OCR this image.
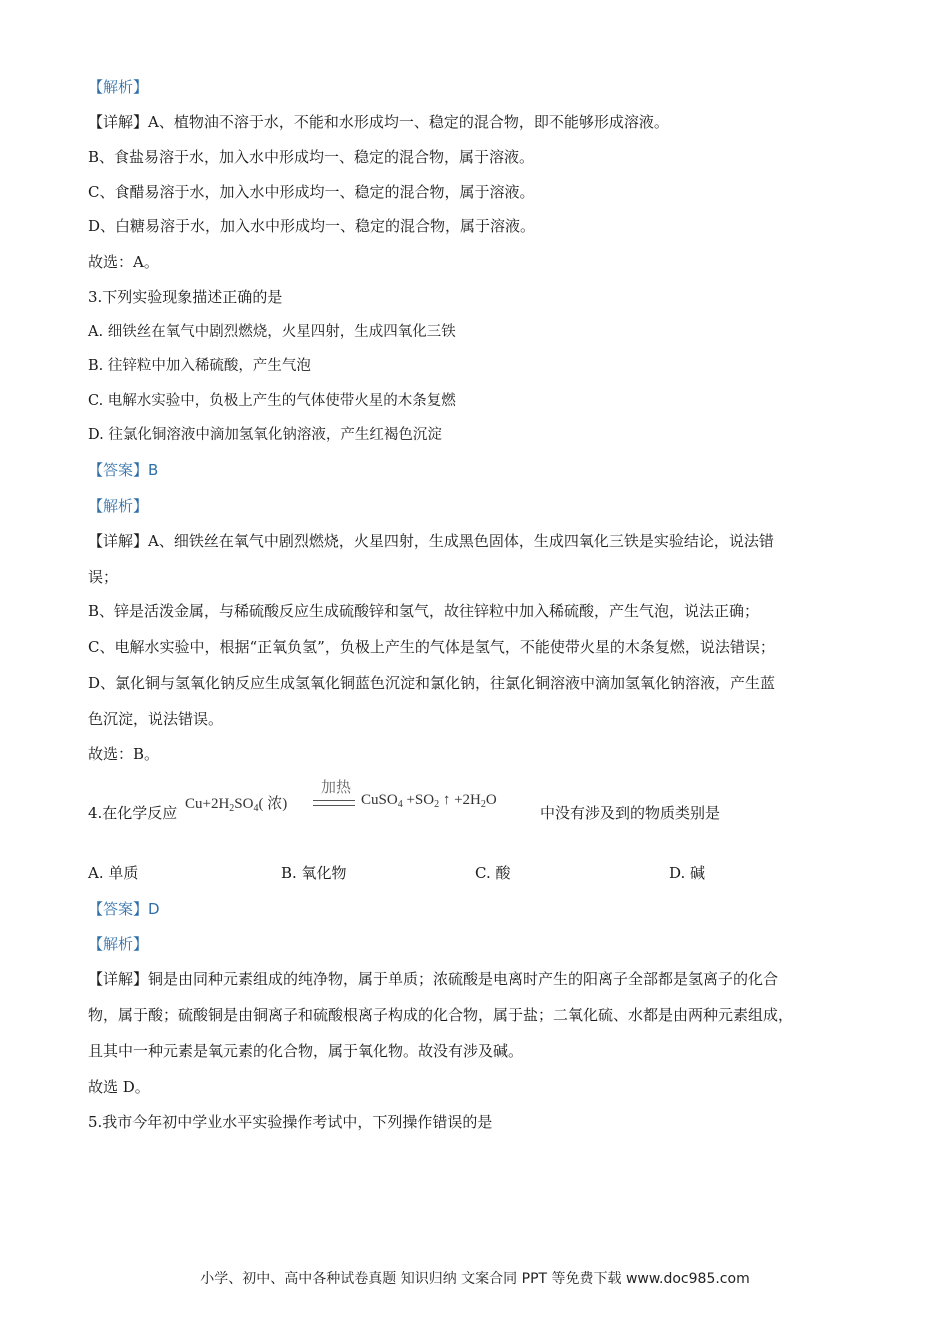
【解析】
【详解】A、植物油不溶于水，不能和水形成均一、稳定的混合物，即不能够形成溶液。
B、食盐易溶于水，加入水中形成均一、稳定的混合物，属于溶液。
C、食醋易溶于水，加入水中形成均一、稳定的混合物，属于溶液。
D、白糖易溶于水，加入水中形成均一、稳定的混合物，属于溶液。
故选：A。
3.下列实验现象描述正确的是
A. 细铁丝在氧气中剧烈燃烧，火星四射，生成四氧化三铁
B. 往锌粒中加入稀硫酸，产生气泡
C. 电解水实验中，负极上产生的气体使带火星的木条复燃
D. 往氯化铜溶液中滴加氢氧化钠溶液，产生红褐色沉淀
【答案】B
【解析】
【详解】A、细铁丝在氧气中剧烈燃烧，火星四射，生成黑色固体，生成四氧化三铁是实验结论，说法错
误；
B、锌是活泼金属，与稀硫酸反应生成硫酸锌和氢气，故往锌粒中加入稀硫酸，产生气泡，说法正确；
C、电解水实验中，根据“正氧负氢”，负极上产生的气体是氢气，不能使带火星的木条复燃，说法错误；
D、氯化铜与氢氧化钠反应生成氢氧化铜蓝色沉淀和氯化钠，往氯化铜溶液中滴加氢氧化钠溶液，产生蓝
色沉淀，说法错误。
故选：B。
4.在化学反应 $Cu+2H_2SO_4$( 浓)
加热
CuSO$_4$ $+SO_2$ ↑ $+2H_2O$
中没有涉及到的物质类别是
A. 单质	B. 氧化物	C. 酸	D. 碱
【答案】D
【解析】
【详解】铜是由同种元素组成的纯净物，属于单质；浓硫酸是电离时产生的阳离子全部都是氢离子的化合
物，属于酸；硫酸铜是由铜离子和硫酸根离子构成的化合物，属于盐；二氧化硫、水都是由两种元素组成，
且其中一种元素是氧元素的化合物，属于氧化物。故没有涉及碱。
故选 D。
5.我市今年初中学业水平实验操作考试中，下列操作错误的是
小学、初中、高中各种试卷真题 知识归纳 文案合同 PPT 等免费下载 www.doc985.com
